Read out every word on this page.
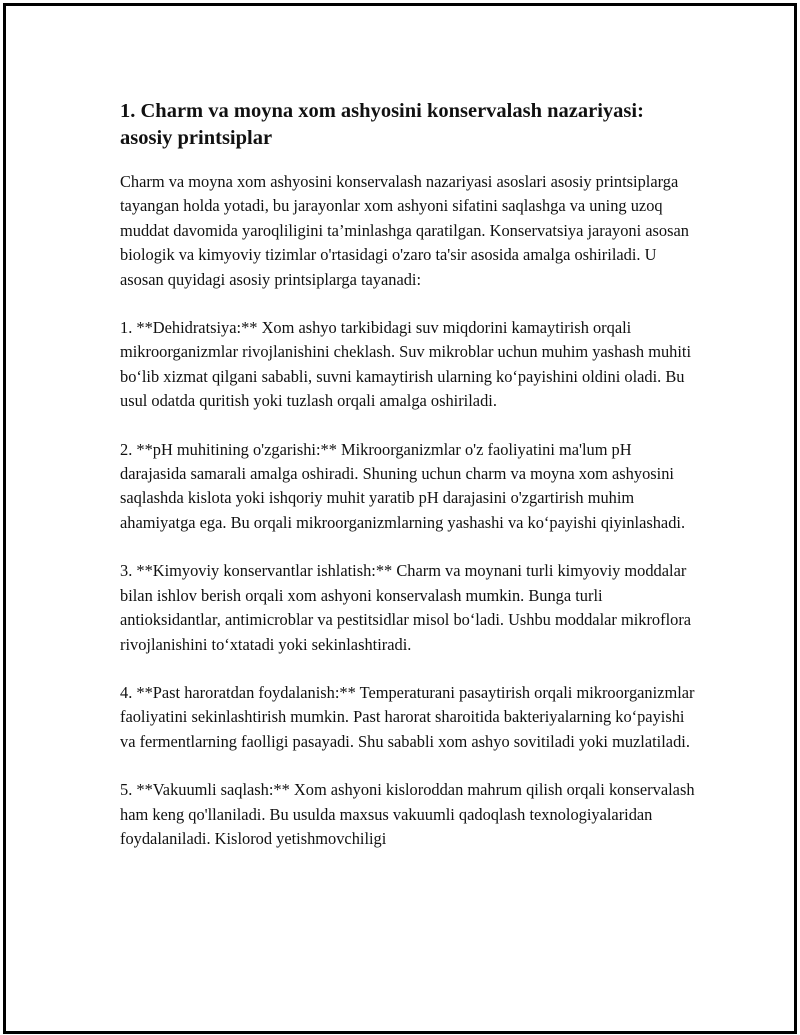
1. Charm va moyna xom ashyosini konservalash nazariyasi: asosiy printsiplar

Charm va moyna xom ashyosini konservalash nazariyasi asoslari asosiy printsiplarga tayangan holda yotadi, bu jarayonlar xom ashyoni sifatini saqlashga va uning uzoq muddat davomida yaroqliligini ta’minlashga qaratilgan. Konservatsiya jarayoni asosan biologik va kimyoviy tizimlar o'rtasidagi o'zaro ta'sir asosida amalga oshiriladi. U asosan quyidagi asosiy printsiplarga tayanadi:

1. **Dehidratsiya:** Xom ashyo tarkibidagi suv miqdorini kamaytirish orqali mikroorganizmlar rivojlanishini cheklash. Suv mikroblar uchun muhim yashash muhiti boʻlib xizmat qilgani sababli, suvni kamaytirish ularning koʻpayishini oldini oladi. Bu usul odatda quritish yoki tuzlash orqali amalga oshiriladi.

2. **pH muhitining o'zgarishi:** Mikroorganizmlar o'z faoliyatini ma'lum pH darajasida samarali amalga oshiradi. Shuning uchun charm va moyna xom ashyosini saqlashda kislota yoki ishqoriy muhit yaratib pH darajasini o'zgartirish muhim ahamiyatga ega. Bu orqali mikroorganizmlarning yashashi va koʻpayishi qiyinlashadi.

3. **Kimyoviy konservantlar ishlatish:** Charm va moynani turli kimyoviy moddalar bilan ishlov berish orqali xom ashyoni konservalash mumkin. Bunga turli antioksidantlar, antimicroblar va pestitsidlar misol boʻladi. Ushbu moddalar mikroflora rivojlanishini toʻxtatadi yoki sekinlashtiradi.

4. **Past haroratdan foydalanish:** Temperaturani pasaytirish orqali mikroorganizmlar faoliyatini sekinlashtirish mumkin. Past harorat sharoitida bakteriyalarning koʻpayishi va fermentlarning faolligi pasayadi. Shu sababli xom ashyo sovitiladi yoki muzlatiladi.

5. **Vakuumli saqlash:** Xom ashyoni kisloroddan mahrum qilish orqali konservalash ham keng qo'llaniladi. Bu usulda maxsus vakuumli qadoqlash texnologiyalaridan foydalaniladi. Kislorod yetishmovchiligi
